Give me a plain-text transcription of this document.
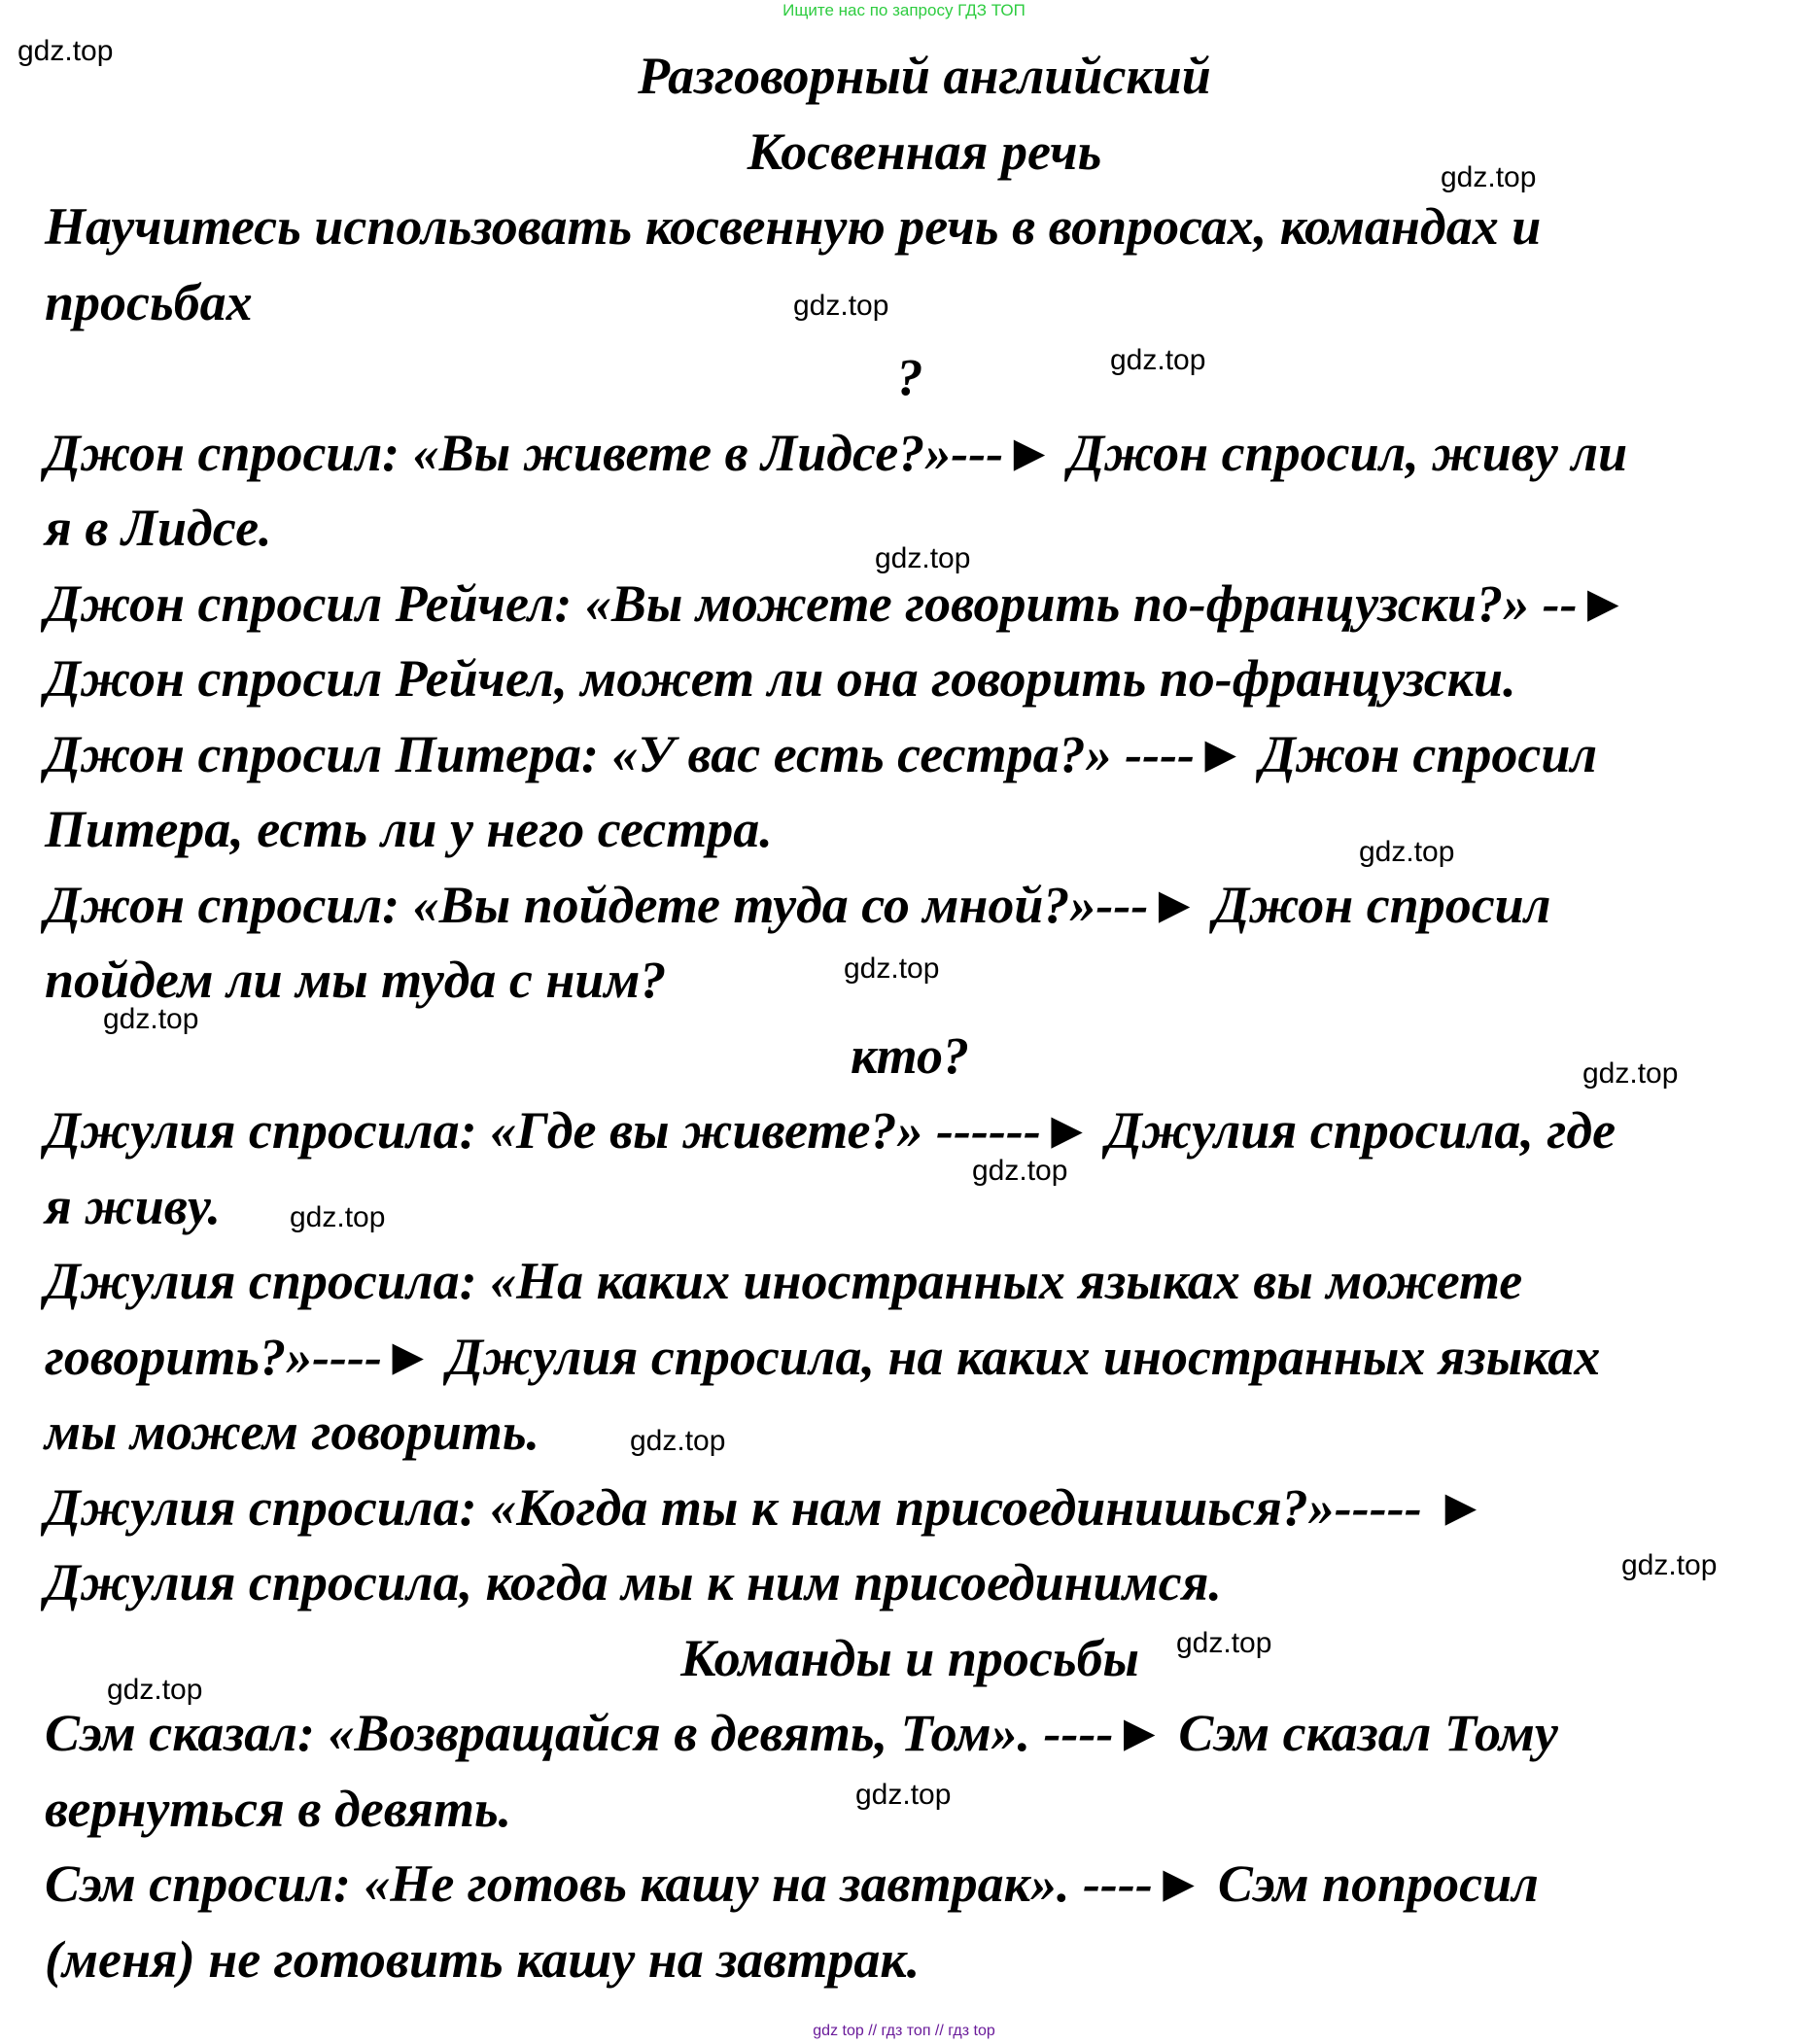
Ищите нас по запросу ГДЗ ТОП

Разговорный английский

Косвенная речь

Научитесь использовать косвенную речь в вопросах, командах и

просьбах

?

Джон спросил: «Вы живете в Лидсе?»---► Джон спросил, живу ли

я в Лидсе.

Джон спросил Рейчел: «Вы можете говорить по-французски?» --►

Джон спросил Рейчел, может ли она говорить по-французски.

Джон спросил Питера: «У вас есть сестра?» ----► Джон спросил

Питера, есть ли у него сестра.

Джон спросил: «Вы пойдете туда со мной?»---► Джон спросил

пойдем ли мы туда с ним?

кто?

Джулия спросила: «Где вы живете?» ------► Джулия спросила, где

я живу.

Джулия спросила: «На каких иностранных языках вы можете

говорить?»----► Джулия спросила, на каких иностранных языках

мы можем говорить.

Джулия спросила: «Когда ты к нам присоединишься?»----- ►

Джулия спросила, когда мы к ним присоединимся.

Команды и просьбы

Сэм сказал: «Возвращайся в девять, Том». ----► Сэм сказал Тому

вернуться в девять.

Сэм спросил: «Не готовь кашу на завтрак». ----► Сэм попросил

(меня) не готовить кашу на завтрак.

gdz.top
gdz.top
gdz.top
gdz.top
gdz.top
gdz.top
gdz.top
gdz.top
gdz.top
gdz.top
gdz.top
gdz.top
gdz.top
gdz.top
gdz.top
gdz.top
gdz top // гдз топ // гдз top
